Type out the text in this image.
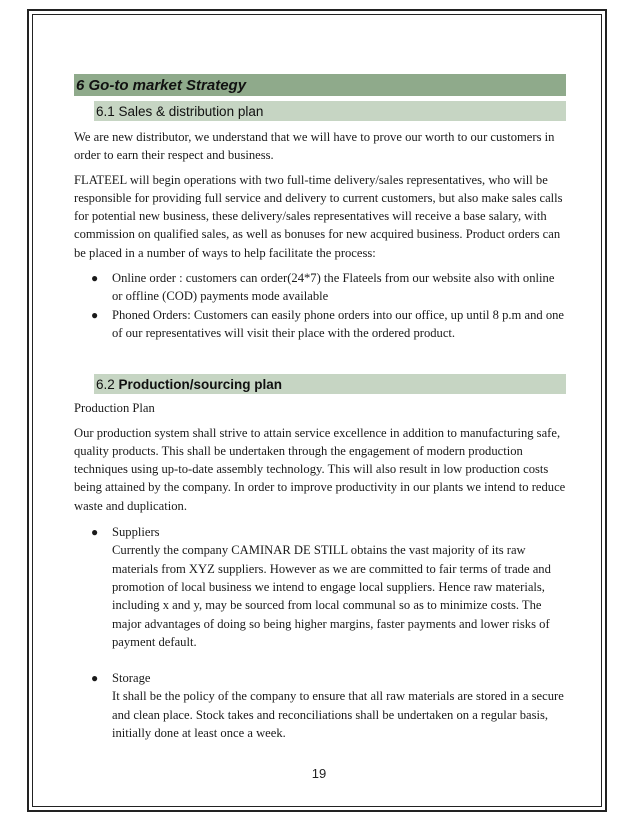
6 Go-to market Strategy
6.1 Sales & distribution plan

We are new distributor, we understand that we will have to prove our worth to our customers in order to earn their respect and business.

FLATEEL will begin operations with two full-time delivery/sales representatives, who will be responsible for providing full service and delivery to current customers, but also make sales calls for potential new business, these delivery/sales representatives will receive a base salary, with commission on qualified sales, as well as bonuses for new acquired business. Product orders can be placed in a number of ways to help facilitate the process:

● Online order : customers can order(24*7) the Flateels from our website also with online or offline (COD) payments mode available
● Phoned Orders: Customers can easily phone orders into our office, up until 8 p.m and one of our representatives will visit their place with the ordered product.
6.2
Production/sourcing plan

Production Plan

Our production system shall strive to attain service excellence in addition to manufacturing safe, quality products. This shall be undertaken through the engagement of modern production techniques using up-to-date assembly technology. This will also result in low production costs being attained by the company. In order to improve productivity in our plants we intend to reduce waste and duplication.

● Suppliers
Currently the company CAMINAR DE STILL obtains the vast majority of its raw materials from XYZ suppliers. However as we are committed to fair terms of trade and promotion of local business we intend to engage local suppliers. Hence raw materials, including x and y, may be sourced from local communal so as to minimize costs. The major advantages of doing so being higher margins, faster payments and lower risks of payment default.
● Storage
It shall be the policy of the company to ensure that all raw materials are stored in a secure and clean place. Stock takes and reconciliations shall be undertaken on a regular basis, initially done at least once a week.
19
